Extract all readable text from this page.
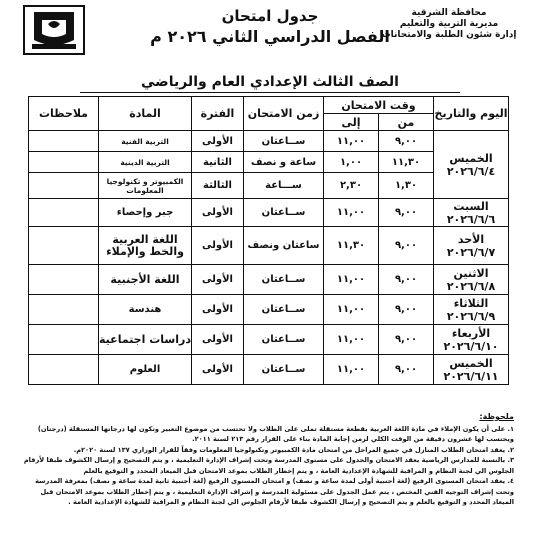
محافظة الشرقية
مديرية التربية والتعليم
إدارة شئون الطلبة والامتحانات
جدول امتحان
الفصل الدراسي الثاني ٢٠٢٦ م
الصف الثالث الإعدادي العام والرياضي
اليوم والتاريخ	وقت الامتحان		زمن الامتحان	الفترة	المادة	ملاحظات
	من	إلى				

الخميس
٢٠٢٦/٦/٤	٩,٠٠	١١,٠٠	ســاعتان	الأولى	التربية الفنية	
	١١,٣٠	١,٠٠	ساعة و نصف	الثانية	التربية الدينية	
	١,٣٠	٢,٣٠	ســـاعة	الثالثة	الكمبيوتر و تكنولوجيا المعلومات	

السبت
٢٠٢٦/٦/٦	٩,٠٠	١١,٠٠	ســاعتان	الأولى	جبر وإحصاء	

الأحد
٢٠٢٦/٦/٧	٩,٠٠	١١,٣٠	ساعتان ونصف	الأولى	اللغة العربية والخط والإملاء	

الاثنين
٢٠٢٦/٦/٨	٩,٠٠	١١,٠٠	ســاعتان	الأولى	اللغة الأجنبية	

الثلاثاء
٢٠٢٦/٦/٩	٩,٠٠	١١,٠٠	ســاعتان	الأولى	هندسة	

الأربعاء
٢٠٢٦/٦/١٠	٩,٠٠	١١,٠٠	ســاعتان	الأولى	دراسات اجتماعية	

الخميس
٢٠٢٦/٦/١١	٩,٠٠	١١,٠٠	ســاعتان	الأولى	العلوم	
ملحوظة:

١. على أن يكون الإملاء في مادة اللغة العربية بقطعة مستقلة تملى على الطلاب ولا تحتسب من موضوع التعبير وتكون لها درجاتها المستقلة (درجتان) ويحتسب لها عشرون دقيقة من الوقت الكلي لزمن إجابة المادة بناء على القرار رقم ٢١٣ لسنة ٢٠١١.

٢. يعقد امتحان الطلاب المنازل في جميع المراحل من امتحان مادة الكمبيوتر وتكنولوجيا المعلومات وفقاً للقرار الوزاري ١٣٧ لسنة ٢٠٢٠م.

٣. بالنسبة للمدارس الرياضية يعقد الامتحان والجدول على مستوى المدرسة وتحت إشراف الإدارة التعليمية ، و يتم التصحيح و إرسال الكشوف طبقا لأرقام الجلوس الي لجنة النظام و المراقبة للشهادة الإعدادية العامة ، و يتم إخطار الطلاب بموعد الامتحان قبل الميعاد المحدد و التوقيع بالعلم

٤. يعقد امتحان المستوى الرفيع (لغة أجنبية أولى لمدة ساعة و نصف) و امتحان المستوى الرفيع (لغة أجنبية ثانية لمدة ساعة و نصف) بمعرفة المدرسة وتحت إشراف التوجيه الفني المختص ، يتم عمل الجدول على مسئولية المدرسة و إشراف الإدارة التعليمية ، و يتم إخطار الطلاب بموعد الامتحان قبل الميعاد المحدد و التوقيع بالعلم و يتم التصحيح و إرسال الكشوف طبقا لأرقام الجلوس الي لجنة النظام و المراقبة للشهادة الإعدادية العامة .
